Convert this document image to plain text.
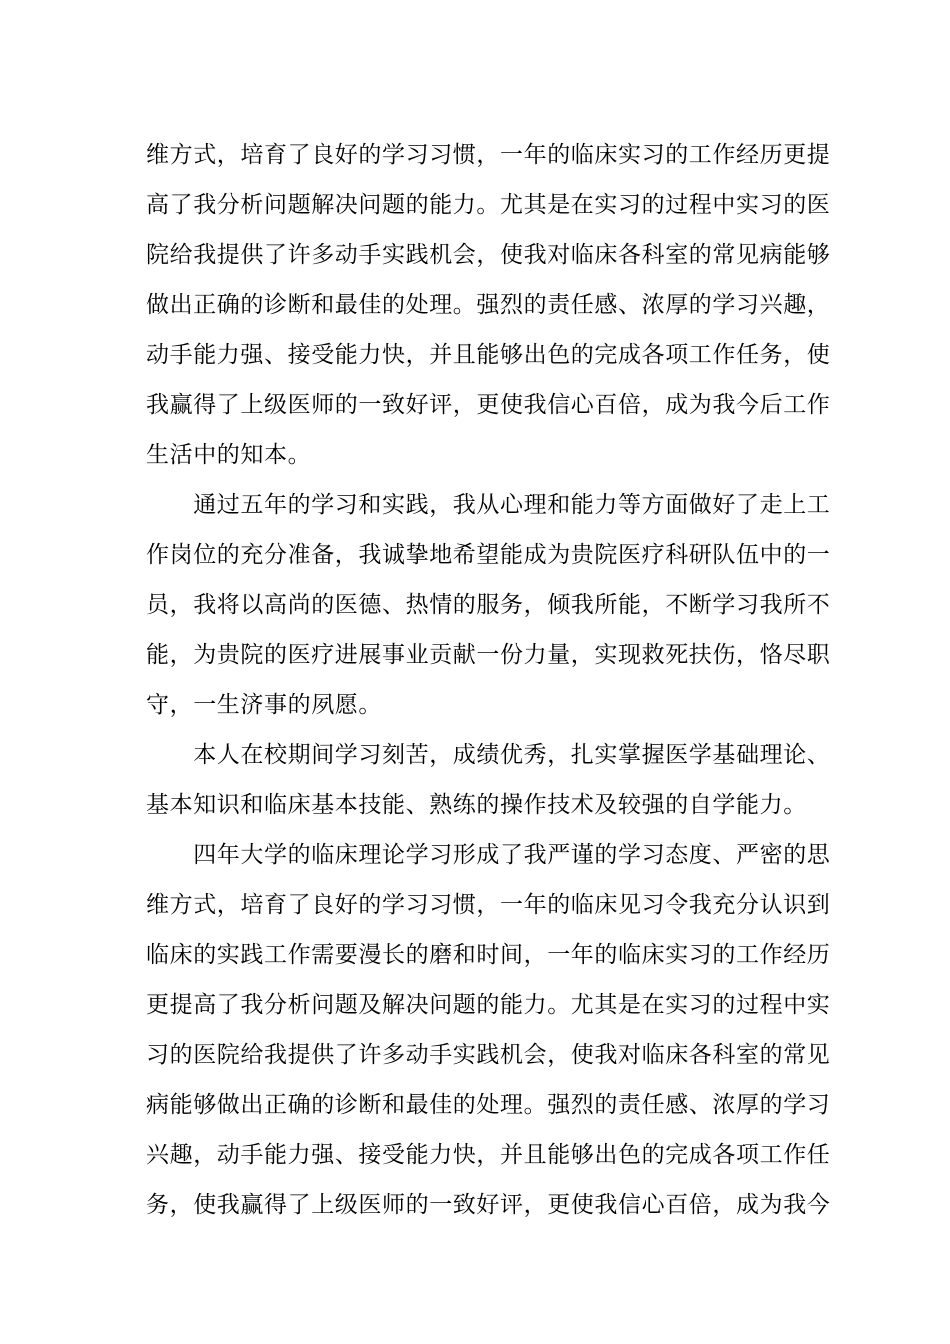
维方式，培育了良好的学习习惯，一年的临床实习的工作经历更提
高了我分析问题解决问题的能力。尤其是在实习的过程中实习的医
院给我提供了许多动手实践机会，使我对临床各科室的常见病能够
做出正确的诊断和最佳的处理。强烈的责任感、浓厚的学习兴趣，
动手能力强、接受能力快，并且能够出色的完成各项工作任务，使
我赢得了上级医师的一致好评，更使我信心百倍，成为我今后工作
生活中的知本。
　　通过五年的学习和实践，我从心理和能力等方面做好了走上工
作岗位的充分准备，我诚挚地希望能成为贵院医疗科研队伍中的一
员，我将以高尚的医德、热情的服务，倾我所能，不断学习我所不
能，为贵院的医疗进展事业贡献一份力量，实现救死扶伤，恪尽职
守，一生济事的夙愿。
　　本人在校期间学习刻苦，成绩优秀，扎实掌握医学基础理论、
基本知识和临床基本技能、熟练的操作技术及较强的自学能力。
　　四年大学的临床理论学习形成了我严谨的学习态度、严密的思
维方式，培育了良好的学习习惯，一年的临床见习令我充分认识到
临床的实践工作需要漫长的磨和时间，一年的临床实习的工作经历
更提高了我分析问题及解决问题的能力。尤其是在实习的过程中实
习的医院给我提供了许多动手实践机会，使我对临床各科室的常见
病能够做出正确的诊断和最佳的处理。强烈的责任感、浓厚的学习
兴趣，动手能力强、接受能力快，并且能够出色的完成各项工作任
务，使我赢得了上级医师的一致好评，更使我信心百倍，成为我今
